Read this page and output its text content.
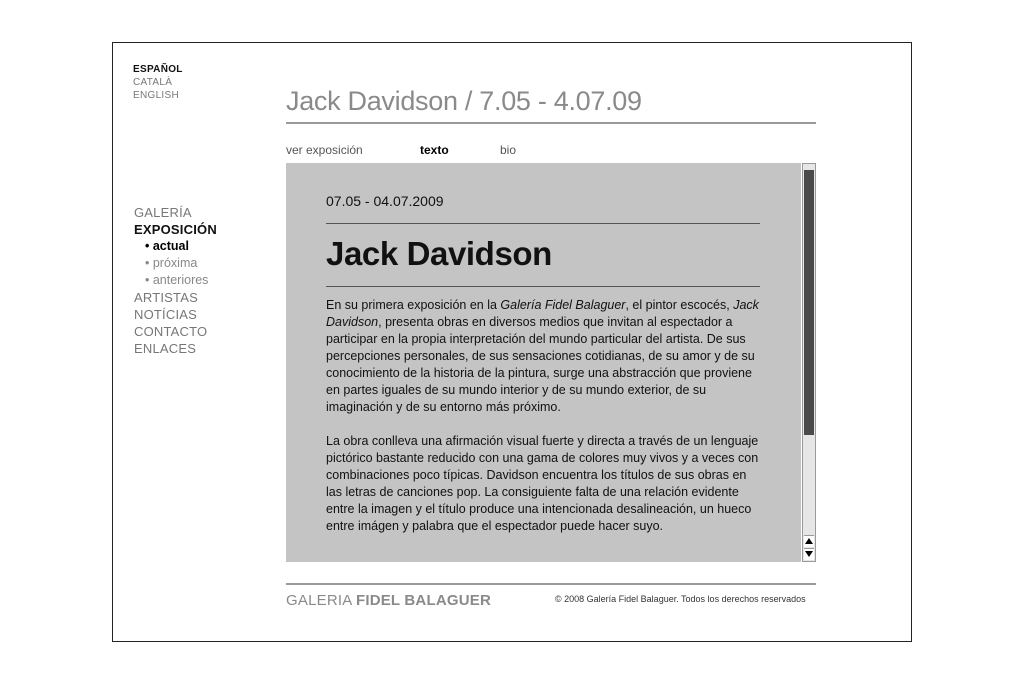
ESPAÑOL
CATALÀ
ENGLISH	Jack Davidson / 7.05 - 4.07.09
ver exposición	texto	bio
GALERÍA
EXPOSICIÓN
• actual
• próxima
• anteriores
ARTISTAS
NOTÍCIAS
CONTACTO
ENLACES
07.05 - 04.07.2009
Jack Davidson

En su primera exposición en la Galería Fidel Balaguer, el pintor escocés, Jack Davidson, presenta obras en diversos medios que invitan al espectador a participar en la propia interpretación del mundo particular del artista. De sus percepciones personales, de sus sensaciones cotidianas, de su amor y de su conocimiento de la historia de la pintura, surge una abstracción que proviene en partes iguales de su mundo interior y de su mundo exterior, de su imaginación y de su entorno más próximo.

La obra conlleva una afirmación visual fuerte y directa a través de un lenguaje pictórico bastante reducido con una gama de colores muy vivos y a veces con combinaciones poco típicas. Davidson encuentra los títulos de sus obras en las letras de canciones pop. La consiguiente falta de una relación evidente entre la imagen y el título produce una intencionada desalineación, un hueco entre imágen y palabra que el espectador puede hacer suyo.

GALERIA FIDEL BALAGUER	© 2008 Galería Fidel Balaguer. Todos los derechos reservados
